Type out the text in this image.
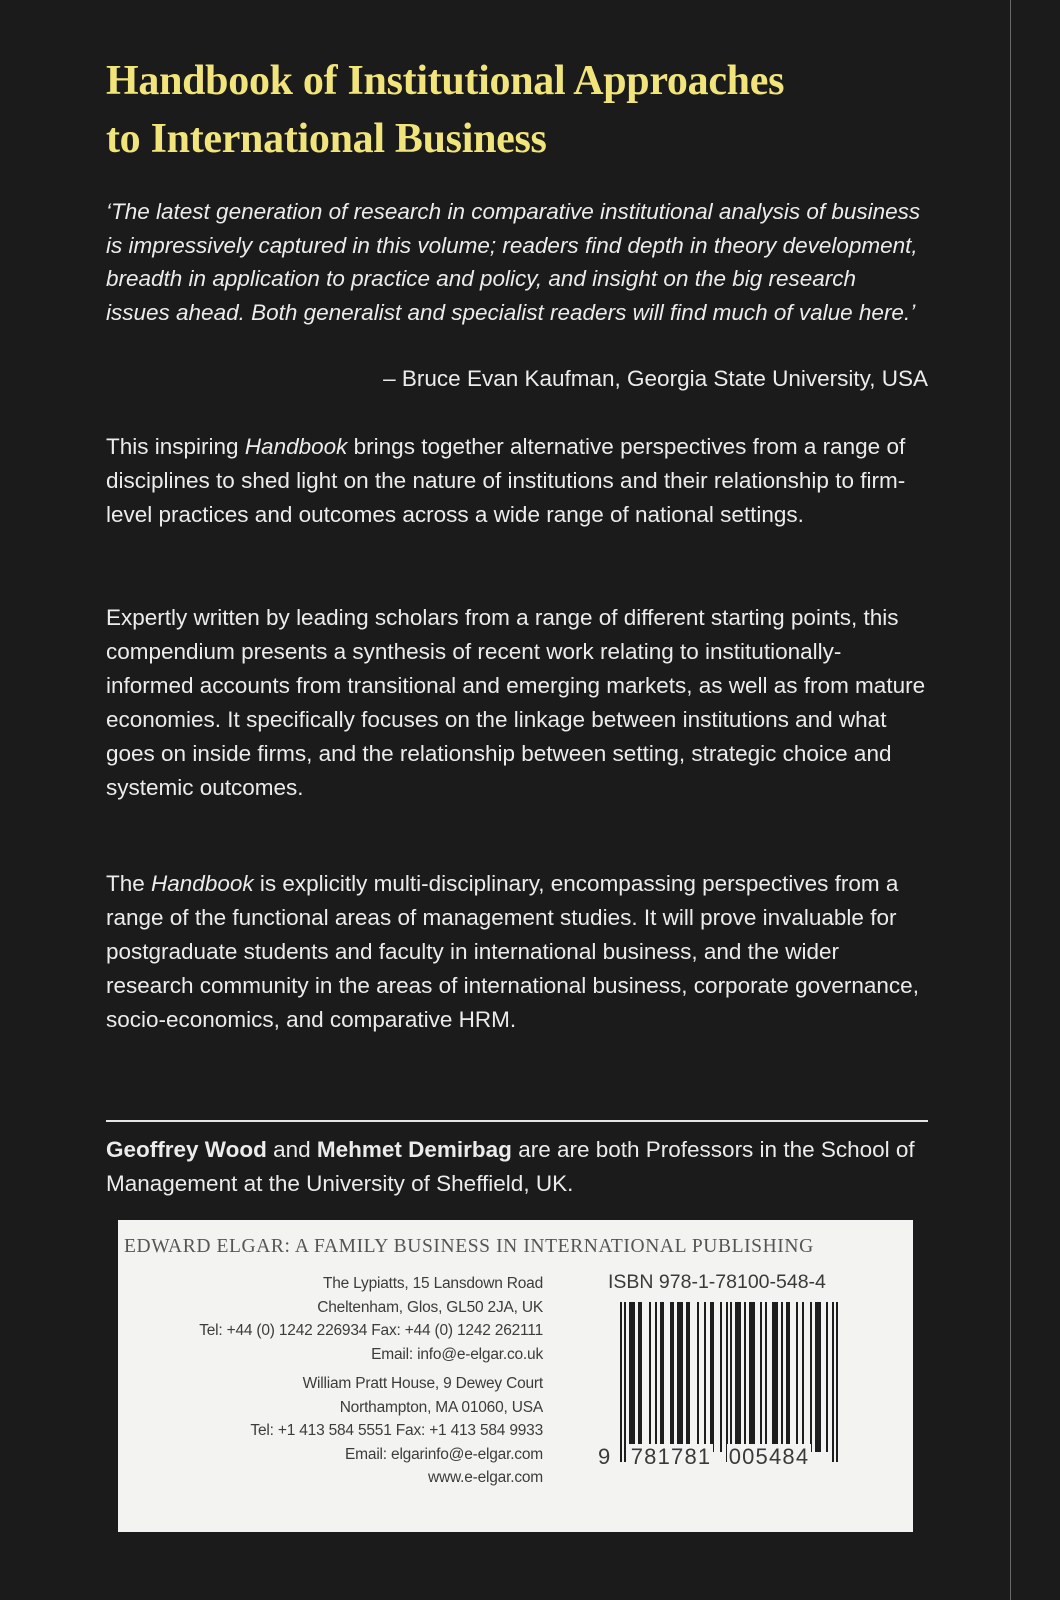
Handbook of Institutional Approaches
to International Business
‘The latest generation of research in comparative institutional analysis of business is impressively captured in this volume; readers find depth in theory development, breadth in application to practice and policy, and insight on the big research issues ahead. Both generalist and specialist readers will find much of value here.’
– Bruce Evan Kaufman, Georgia State University, USA
This inspiring Handbook brings together alternative perspectives from a range of disciplines to shed light on the nature of institutions and their relationship to firm-level practices and outcomes across a wide range of national settings.
Expertly written by leading scholars from a range of different starting points, this compendium presents a synthesis of recent work relating to institutionally-informed accounts from transitional and emerging markets, as well as from mature economies. It specifically focuses on the linkage between institutions and what goes on inside firms, and the relationship between setting, strategic choice and systemic outcomes.
The Handbook is explicitly multi-disciplinary, encompassing perspectives from a range of the functional areas of management studies. It will prove invaluable for postgraduate students and faculty in international business, and the wider research community in the areas of international business, corporate governance, socio-economics, and comparative HRM.
Geoffrey Wood and Mehmet Demirbag are are both Professors in the School of Management at the University of Sheffield, UK.
EDWARD ELGAR: A FAMILY BUSINESS IN INTERNATIONAL PUBLISHING
The Lypiatts, 15 Lansdown Road
Cheltenham, Glos, GL50 2JA, UK
Tel: +44 (0) 1242 226934 Fax: +44 (0) 1242 262111
Email: info@e-elgar.co.uk
William Pratt House, 9 Dewey Court
Northampton, MA 01060, USA
Tel: +1 413 584 5551 Fax: +1 413 584 9933
Email: elgarinfo@e-elgar.com
www.e-elgar.com
ISBN 978-1-78100-548-4
9 781781 005484
